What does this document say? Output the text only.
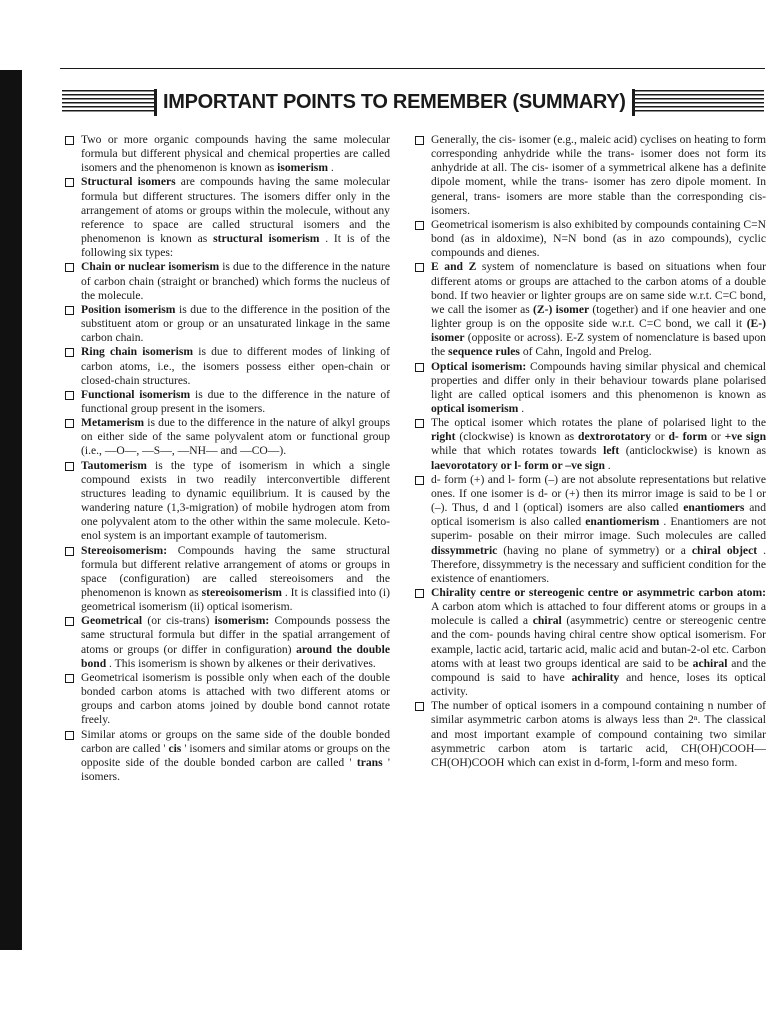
IMPORTANT POINTS TO REMEMBER (SUMMARY)
Two or more organic compounds having the same molecular formula but different physical and chemical properties are called isomers and the phenomenon is known as isomerism .
Structural isomers are compounds having the same molecular formula but different structures. The isomers differ only in the arrangement of atoms or groups within the molecule, without any reference to space are called structural isomers and the phenomenon is known as structural isomerism . It is of the following six types:
Chain or nuclear isomerism is due to the difference in the nature of carbon chain (straight or branched) which forms the nucleus of the molecule.
Position isomerism is due to the difference in the position of the substituent atom or group or an unsaturated linkage in the same carbon chain.
Ring chain isomerism is due to different modes of linking of carbon atoms, i.e., the isomers possess either open-chain or closed-chain structures.
Functional isomerism is due to the difference in the nature of functional group present in the isomers.
Metamerism is due to the difference in the nature of alkyl groups on either side of the same polyvalent atom or functional group (i.e., —O—, —S—, —NH— and —CO—).
Tautomerism is the type of isomerism in which a single compound exists in two readily interconvertible different structures leading to dynamic equilibrium. It is caused by the wandering nature (1,3-migration) of mobile hydrogen atom from one polyvalent atom to the other within the same molecule. Keto-enol system is an important example of tautomerism.
Stereoisomerism: Compounds having the same structural formula but different relative arrangement of atoms or groups in space (configuration) are called stereoisomers and the phenomenon is known as stereoisomerism . It is classified into (i) geometrical isomerism (ii) optical isomerism.
Geometrical (or cis-trans) isomerism: Compounds possess the same structural formula but differ in the spatial arrangement of atoms or groups (or differ in configuration) around the double bond . This isomerism is shown by alkenes or their derivatives.
Geometrical isomerism is possible only when each of the double bonded carbon atoms is attached with two different atoms or groups and carbon atoms joined by double bond cannot rotate freely.
Similar atoms or groups on the same side of the double bonded carbon are called ' cis ' isomers and similar atoms or groups on the opposite side of the double bonded carbon are called ' trans ' isomers.
Generally, the cis- isomer (e.g., maleic acid) cyclises on heating to form corresponding anhydride while the trans- isomer does not form its anhydride at all. The cis- isomer of a symmetrical alkene has a definite dipole moment, while the trans- isomer has zero dipole moment. In general, trans- isomers are more stable than the corresponding cis- isomers.
Geometrical isomerism is also exhibited by compounds containing C=N bond (as in aldoxime), N=N bond (as in azo compounds), cyclic compounds and dienes.
E and Z system of nomenclature is based on situations when four different atoms or groups are attached to the carbon atoms of a double bond. If two heavier or lighter groups are on same side w.r.t. C=C bond, we call the isomer as (Z-) isomer (together) and if one heavier and one lighter group is on the opposite side w.r.t. C=C bond, we call it (E-) isomer (opposite or across). E-Z system of nomenclature is based upon the sequence rules of Cahn, Ingold and Prelog.
Optical isomerism: Compounds having similar physical and chemical properties and differ only in their behaviour towards plane polarised light are called optical isomers and this phenomenon is known as optical isomerism .
The optical isomer which rotates the plane of polarised light to the right (clockwise) is known as dextrorotatory or d- form or +ve sign while that which rotates towards left (anticlockwise) is known as laevorotatory or l- form or –ve sign .
d- form (+) and l- form (–) are not absolute representations but relative ones. If one isomer is d- or (+) then its mirror image is said to be l or (–). Thus, d and l (optical) isomers are also called enantiomers and optical isomerism is also called enantiomerism . Enantiomers are not superim- posable on their mirror image. Such molecules are called dissymmetric (having no plane of symmetry) or a chiral object . Therefore, dissymmetry is the necessary and sufficient condition for the existence of enantiomers.
Chirality centre or stereogenic centre or asymmetric carbon atom: A carbon atom which is attached to four different atoms or groups in a molecule is called a chiral (asymmetric) centre or stereogenic centre and the com- pounds having chiral centre show optical isomerism. For example, lactic acid, tartaric acid, malic acid and butan-2-ol etc. Carbon atoms with at least two groups identical are said to be achiral and the compound is said to have achirality and hence, loses its optical activity.
The number of optical isomers in a compound containing n number of similar asymmetric carbon atoms is always less than 2ⁿ. The classical and most important example of compound containing two similar asymmetric carbon atom is tartaric acid, CH(OH)COOH—CH(OH)COOH which can exist in d-form, l-form and meso form.
